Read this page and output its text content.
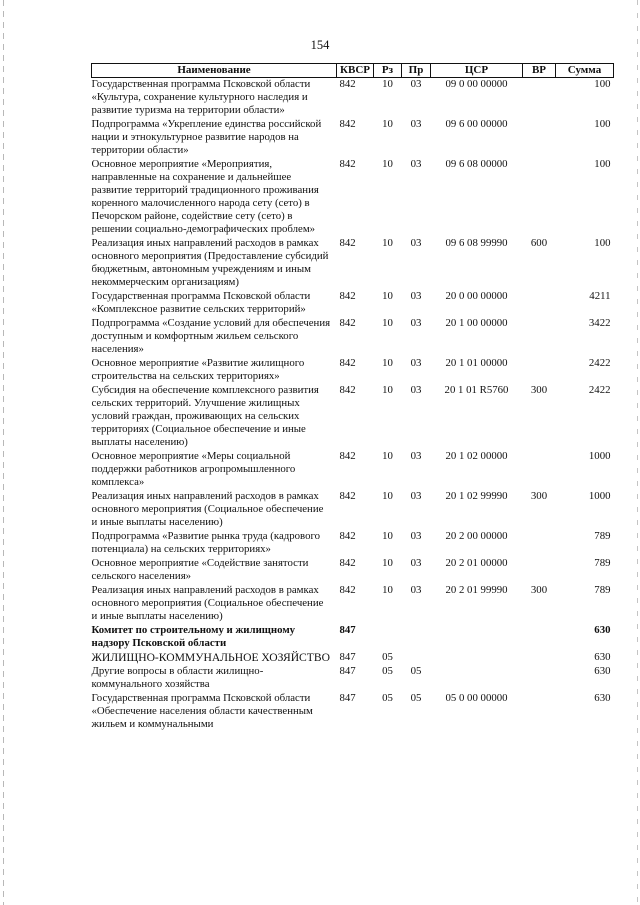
154
Наименование	КВСР	Рз	Пр	ЦСР	ВР	Сумма
Государственная программа Псковской области «Культура, сохранение культурного наследия и развитие туризма на территории области»	842	10	03	09 0 00 00000		100
Подпрограмма «Укрепление единства российской нации и этнокультурное развитие народов на территории области»	842	10	03	09 6 00 00000		100
Основное мероприятие «Мероприятия, направленные на сохранение и дальнейшее развитие территорий традиционного проживания коренного малочисленного народа сету (сето) в Печорском районе, содействие сету (сето) в решении социально-демографических проблем»	842	10	03	09 6 08 00000		100
Реализация иных направлений расходов в рамках основного мероприятия (Предоставление субсидий бюджетным, автономным учреждениям и иным некоммерческим организациям)	842	10	03	09 6 08 99990	600	100
Государственная программа Псковской области «Комплексное развитие сельских территорий»	842	10	03	20 0 00 00000		4211
Подпрограмма «Создание условий для обеспечения доступным и комфортным жильем сельского населения»	842	10	03	20 1 00 00000		3422
Основное мероприятие «Развитие жилищного строительства на сельских территориях»	842	10	03	20 1 01 00000		2422
Субсидия на обеспечение комплексного развития сельских территорий. Улучшение жилищных условий граждан, проживающих на сельских территориях (Социальное обеспечение и иные выплаты населению)	842	10	03	20 1 01 R5760	300	2422
Основное мероприятие «Меры социальной поддержки работников агропромышленного комплекса»	842	10	03	20 1 02 00000		1000
Реализация иных направлений расходов в рамках основного мероприятия (Социальное обеспечение и иные выплаты населению)	842	10	03	20 1 02 99990	300	1000
Подпрограмма «Развитие рынка труда (кадрового потенциала) на сельских территориях»	842	10	03	20 2 00 00000		789
Основное мероприятие «Содействие занятости сельского населения»	842	10	03	20 2 01 00000		789
Реализация иных направлений расходов в рамках основного мероприятия (Социальное обеспечение и иные выплаты населению)	842	10	03	20 2 01 99990	300	789
Комитет по строительному и жилищному надзору Псковской области	847					630
ЖИЛИЩНО-КОММУНАЛЬНОЕ ХОЗЯЙСТВО	847	05				630
Другие вопросы в области жилищно-коммунального хозяйства	847	05	05			630
Государственная программа Псковской области «Обеспечение населения области качественным жильем и коммунальными	847	05	05	05 0 00 00000		630
